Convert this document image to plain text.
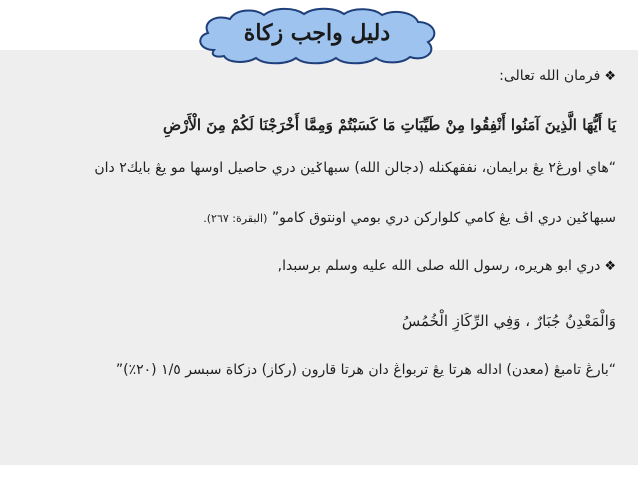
دليل واجب زكاة
❖فرمان الله تعالى:
يَا أَيُّهَا الَّذِينَ آمَنُوا أَنْفِقُوا مِنْ طَيِّبَاتِ مَا كَسَبْتُمْ وَمِمَّا أَخْرَجْنَا لَكُمْ مِنَ الْأَرْضِ
“هاي اورڠ٢ يڠ برايمان، نفقهكنله (دجالن الله) سبهاݢين دري حاصيل اوسها مو يڠ بايك٢ دان
سبهاݢين دري اڤ يڠ كامي كلواركن دري بومي اونتوق كامو” (البقرة: ٢٦٧).
❖دري ابو هريره، رسول الله صلى الله عليه وسلم برسبدا,
وَالْمَعْدِنُ جُبَارٌ ، وَفِي الرِّكَازِ الْخُمُسُ
“بارڠ تامبڠ (معدن) اداله هرتا يڠ تربواڠ دان هرتا قارون (ركاز) دزكاة سبسر ١/٥ (٢٠٪)”
